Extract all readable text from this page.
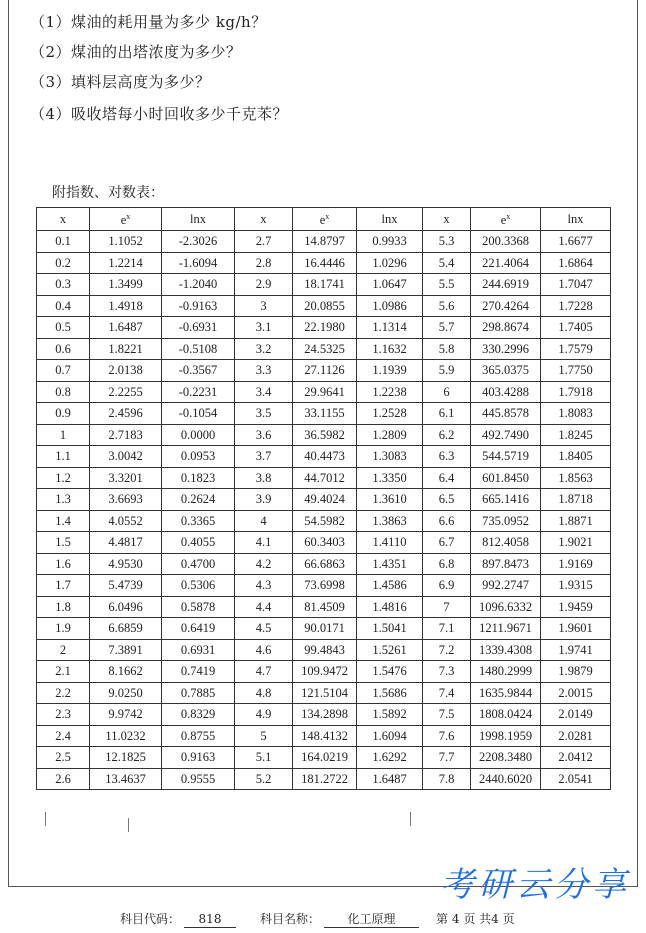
（1）煤油的耗用量为多少 kg/h？
（2）煤油的出塔浓度为多少？
（3）填料层高度为多少？
（4）吸收塔每小时回收多少千克苯？
附指数、对数表：
x	$e^x$	lnx	x	$e^x$	lnx	x	$e^x$	lnx
0.1	1.1052	-2.3026	2.7	14.8797	0.9933	5.3	200.3368	1.6677
0.2	1.2214	-1.6094	2.8	16.4446	1.0296	5.4	221.4064	1.6864
0.3	1.3499	-1.2040	2.9	18.1741	1.0647	5.5	244.6919	1.7047
0.4	1.4918	-0.9163	3	20.0855	1.0986	5.6	270.4264	1.7228
0.5	1.6487	-0.6931	3.1	22.1980	1.1314	5.7	298.8674	1.7405
0.6	1.8221	-0.5108	3.2	24.5325	1.1632	5.8	330.2996	1.7579
0.7	2.0138	-0.3567	3.3	27.1126	1.1939	5.9	365.0375	1.7750
0.8	2.2255	-0.2231	3.4	29.9641	1.2238	6	403.4288	1.7918
0.9	2.4596	-0.1054	3.5	33.1155	1.2528	6.1	445.8578	1.8083
1	2.7183	0.0000	3.6	36.5982	1.2809	6.2	492.7490	1.8245
1.1	3.0042	0.0953	3.7	40.4473	1.3083	6.3	544.5719	1.8405
1.2	3.3201	0.1823	3.8	44.7012	1.3350	6.4	601.8450	1.8563
1.3	3.6693	0.2624	3.9	49.4024	1.3610	6.5	665.1416	1.8718
1.4	4.0552	0.3365	4	54.5982	1.3863	6.6	735.0952	1.8871
1.5	4.4817	0.4055	4.1	60.3403	1.4110	6.7	812.4058	1.9021
1.6	4.9530	0.4700	4.2	66.6863	1.4351	6.8	897.8473	1.9169
1.7	5.4739	0.5306	4.3	73.6998	1.4586	6.9	992.2747	1.9315
1.8	6.0496	0.5878	4.4	81.4509	1.4816	7	1096.6332	1.9459
1.9	6.6859	0.6419	4.5	90.0171	1.5041	7.1	1211.9671	1.9601
2	7.3891	0.6931	4.6	99.4843	1.5261	7.2	1339.4308	1.9741
2.1	8.1662	0.7419	4.7	109.9472	1.5476	7.3	1480.2999	1.9879
2.2	9.0250	0.7885	4.8	121.5104	1.5686	7.4	1635.9844	2.0015
2.3	9.9742	0.8329	4.9	134.2898	1.5892	7.5	1808.0424	2.0149
2.4	11.0232	0.8755	5	148.4132	1.6094	7.6	1998.1959	2.0281
2.5	12.1825	0.9163	5.1	164.0219	1.6292	7.7	2208.3480	2.0412
2.6	13.4637	0.9555	5.2	181.2722	1.6487	7.8	2440.6020	2.0541
科目代码：	818	科目名称：	化工原理	第 4 页 共4 页
考研云分享
